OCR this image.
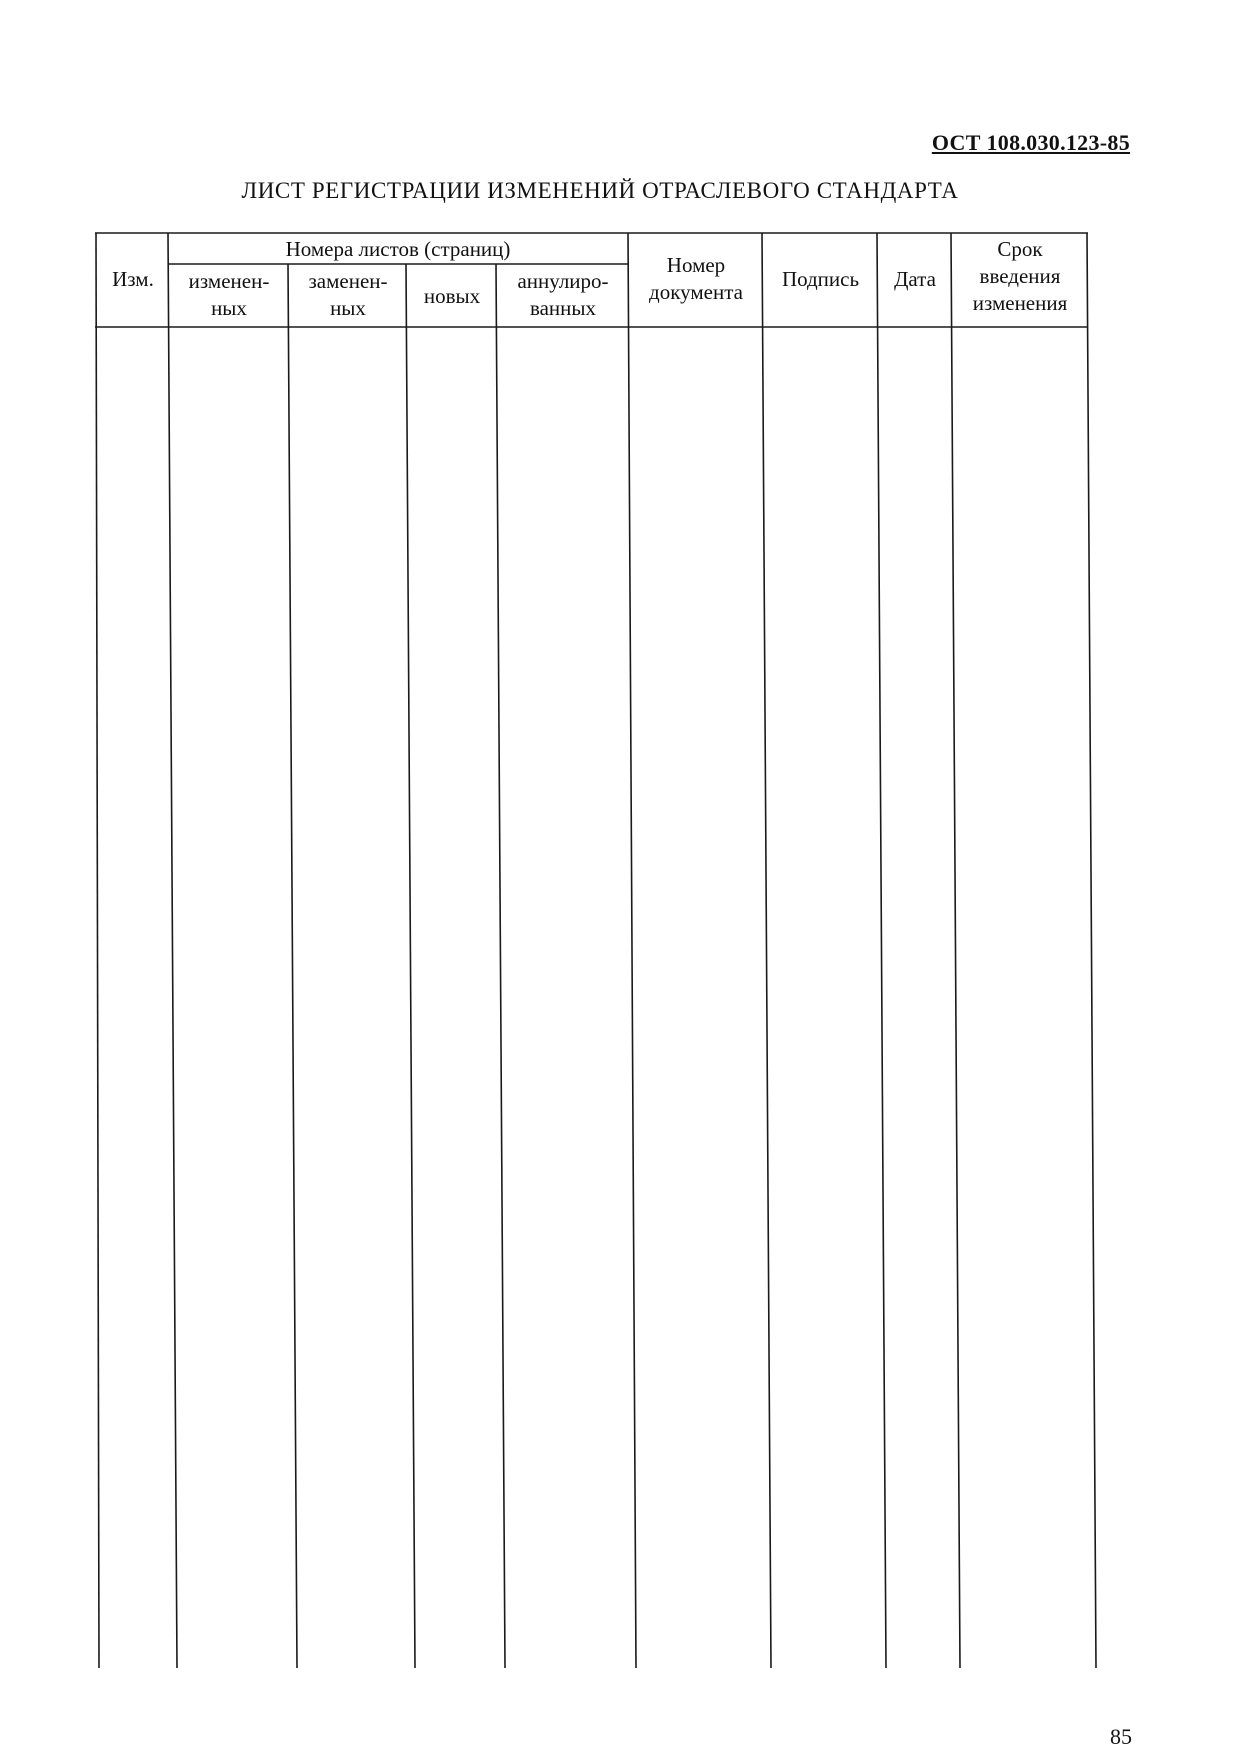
ОСТ 108.030.123-85
ЛИСТ РЕГИСТРАЦИИ ИЗМЕНЕНИЙ ОТРАСЛЕВОГО СТАНДАРТА
Изм.
Номера листов (страниц)
изменен-
ных
заменен-
ных	новых
аннулиро-
ванных
Номер
документа
Подпись	Дата
Срок
введения
изменения
85
